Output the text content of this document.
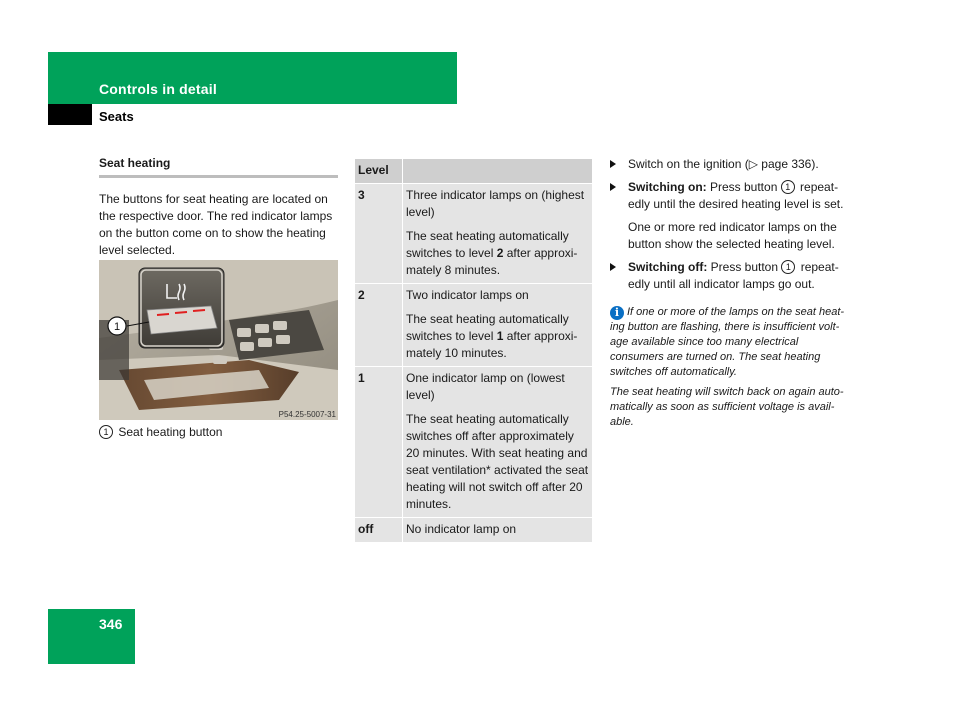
Controls in detail
Seats
Seat heating
The buttons for seat heating are located on the respective door. The red indicator lamps on the button come on to show the heating level selected.
1
P54.25-5007-31
1 Seat heating button
Level	
3	Three indicator lamps on (highest level)

The seat heating automatically switches to level 2 after approxi-mately 8 minutes.

2	Two indicator lamps on

The seat heating automatically switches to level 1 after approxi-mately 10 minutes.

1	One indicator lamp on (lowest level)

The seat heating automatically switches off after approximately 20 minutes. With seat heating and seat ventilation* activated the seat heating will not switch off after 20 minutes.

off	No indicator lamp on

Switch on the ignition (▷ page 336).
Switching on: Press button 1 repeat-edly until the desired heating level is set.
One or more red indicator lamps on the button show the selected heating level.
Switching off: Press button 1 repeat-edly until all indicator lamps go out.
i If one or more of the lamps on the seat heat-ing button are flashing, there is insufficient volt-age available since too many electrical consumers are turned on. The seat heating switches off automatically.
The seat heating will switch back on again auto-matically as soon as sufficient voltage is avail-able.
346
